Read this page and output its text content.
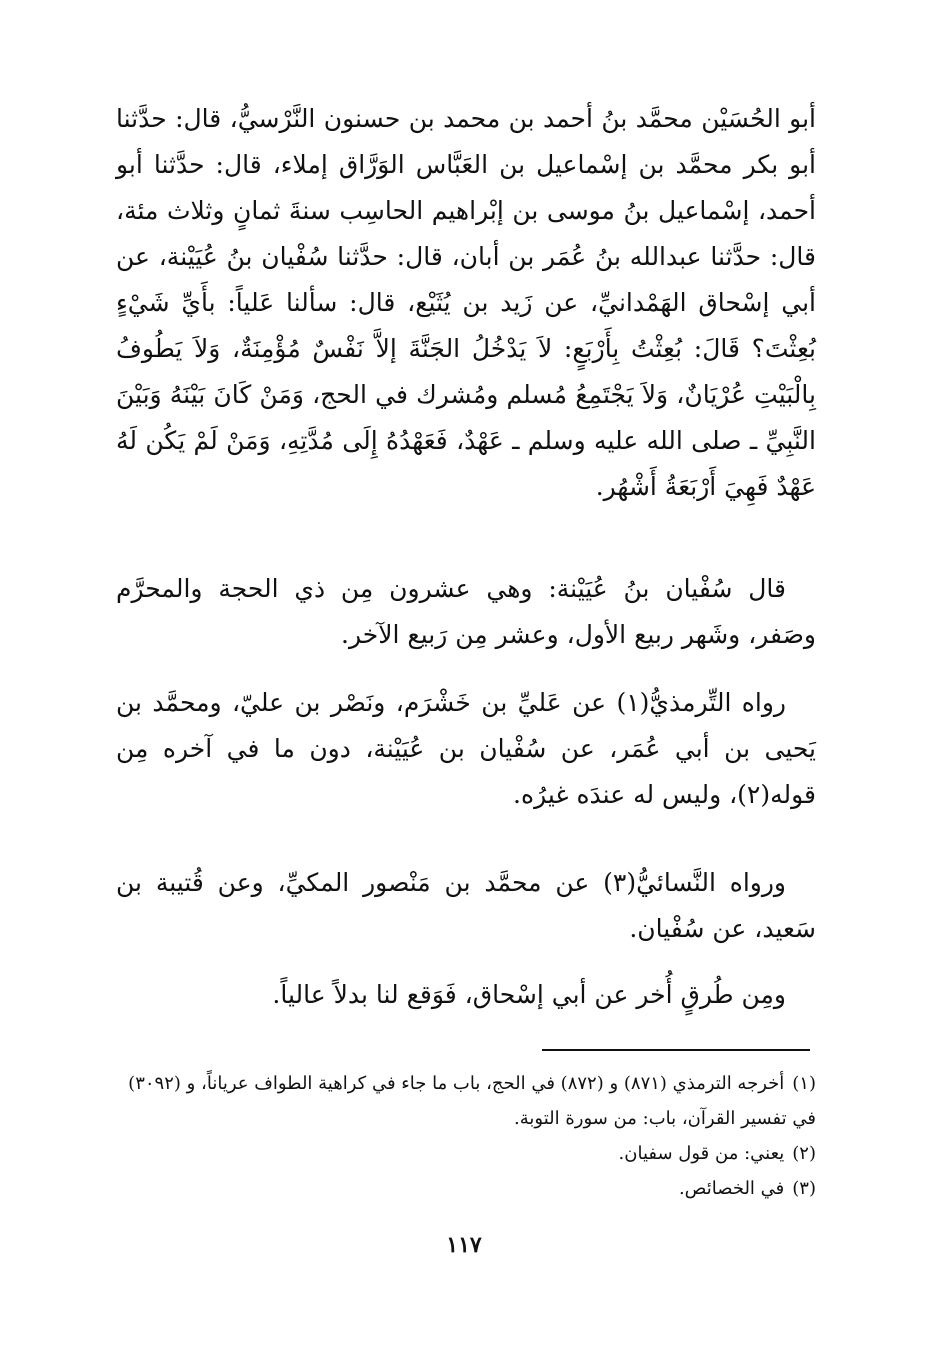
أبو الحُسَيْن محمَّد بنُ أحمد بن محمد بن حسنون النَّرْسيُّ، قال: حدَّثنا أبو بكر محمَّد بن إسْماعيل بن العَبَّاس الوَرَّاق إملاء، قال: حدَّثنا أبو أحمد، إسْماعيل بنُ موسى بن إبْراهيم الحاسِب سنةَ ثمانٍ وثلاث مئة، قال: حدَّثنا عبدالله بنُ عُمَر بن أبان، قال: حدَّثنا سُفْيان بنُ عُيَيْنة، عن أبي إسْحاق الهَمْدانيِّ، عن زَيد بن يُثَيْع، قال: سألنا عَلياً: بأَيِّ شَيْءٍ بُعِثْتَ؟ قَالَ: بُعِثْتُ بِأَرْبَعٍ: لاَ يَدْخُلُ الجَنَّةَ إلاَّ نَفْسٌ مُؤْمِنَةٌ، وَلاَ يَطُوفُ بِالْبَيْتِ عُرْيَانٌ، وَلاَ يَجْتَمِعُ مُسلم ومُشرك في الحج، وَمَنْ كَانَ بَيْنَهُ وَبَيْنَ النَّبِيِّ ـ صلى الله عليه وسلم ـ عَهْدٌ، فَعَهْدُهُ إِلَى مُدَّتِهِ، وَمَنْ لَمْ يَكُن لَهُ عَهْدٌ فَهِيَ أَرْبَعَةُ أَشْهُر.

قال سُفْيان بنُ عُيَيْنة: وهي عشرون مِن ذي الحجة والمحرَّم وصَفر، وشَهر ربيع الأول، وعشر مِن رَبيع الآخر.

رواه التِّرمذيُّ(١) عن عَليِّ بن خَشْرَم، ونَصْر بن عليّ، ومحمَّد بن يَحيى بن أبي عُمَر، عن سُفْيان بن عُيَيْنة، دون ما في آخره مِن قوله(٢)، وليس له عندَه غيرُه.

ورواه النَّسائيُّ(٣) عن محمَّد بن مَنْصور المكيِّ، وعن قُتيبة بن سَعيد، عن سُفْيان.

ومِن طُرقٍ أُخر عن أبي إسْحاق، فَوَقع لنا بدلاً عالياً.

(١)أخرجه الترمذي (٨٧١) و (٨٧٢) في الحج، باب ما جاء في كراهية الطواف عرياناً، و (٣٠٩٢) في تفسير القرآن، باب: من سورة التوبة.
(٢)يعني: من قول سفيان.
(٣)في الخصائص.
١١٧
